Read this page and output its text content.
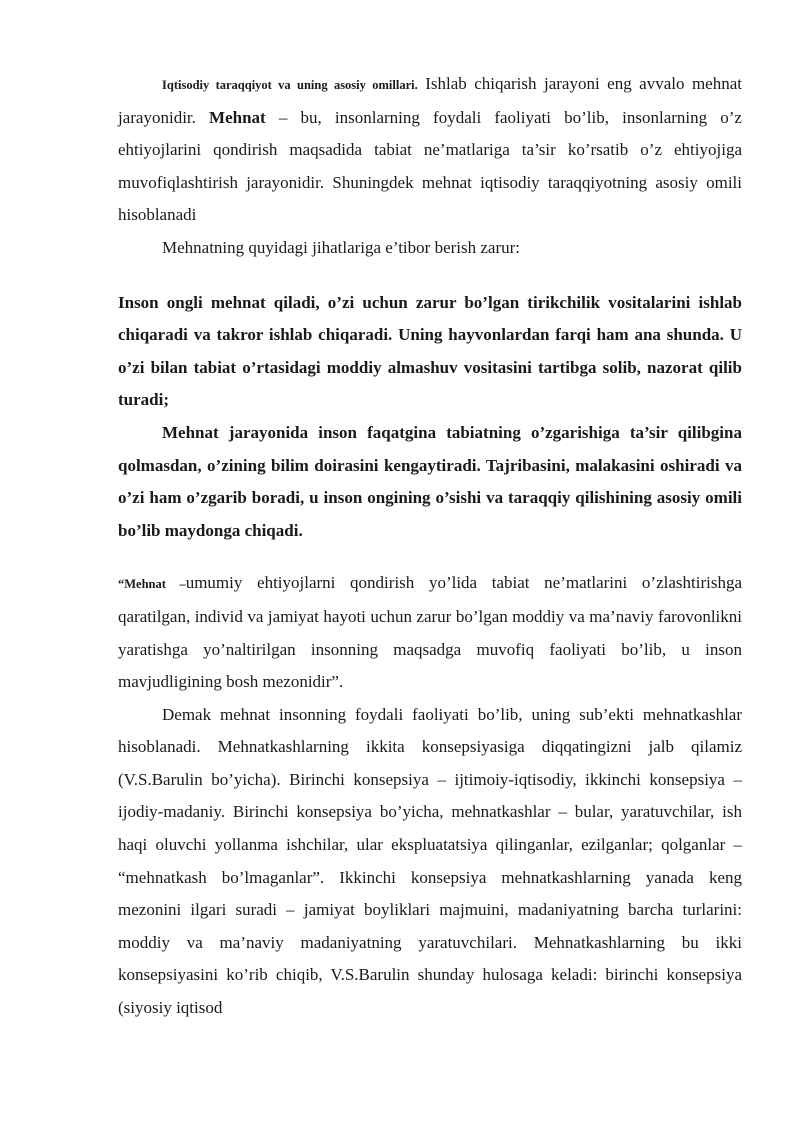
Iqtisodiy taraqqiyot va uning asosiy omillari. Ishlab chiqarish jarayoni eng avvalo mehnat jarayonidir. Mehnat – bu, insonlarning foydali faoliyati bo’lib, insonlarning o’z ehtiyojlarini qondirish maqsadida tabiat ne’matlariga ta’sir ko’rsatib o’z ehtiyojiga muvofiqlashtirish jarayonidir. Shuningdek mehnat iqtisodiy taraqqiyotning asosiy omili hisoblanadi

Mehnatning quyidagi jihatlariga e’tibor berish zarur:

Inson ongli mehnat qiladi, o’zi uchun zarur bo’lgan tirikchilik vositalarini ishlab chiqaradi va takror ishlab chiqaradi. Uning hayvonlardan farqi ham ana shunda. U o’zi bilan tabiat o’rtasidagi moddiy almashuv vositasini tartibga solib, nazorat qilib turadi;

Mehnat jarayonida inson faqatgina tabiatning o’zgarishiga ta’sir qilibgina qolmasdan, o’zining bilim doirasini kengaytiradi. Tajribasini, malakasini oshiradi va o’zi ham o’zgarib boradi, u inson ongining o’sishi va taraqqiy qilishining asosiy omili bo’lib maydonga chiqadi.

“Mehnat –umumiy ehtiyojlarni qondirish yo’lida tabiat ne’matlarini o’zlashtirishga qaratilgan, individ va jamiyat hayoti uchun zarur bo’lgan moddiy va ma’naviy farovonlikni yaratishga yo’naltirilgan insonning maqsadga muvofiq faoliyati bo’lib, u inson mavjudligining bosh mezonidir”.

Demak mehnat insonning foydali faoliyati bo’lib, uning sub’ekti mehnatkashlar hisoblanadi. Mehnatkashlarning ikkita konsepsiyasiga diqqatingizni jalb qilamiz (V.S.Barulin bo’yicha). Birinchi konsepsiya – ijtimoiy-iqtisodiy, ikkinchi konsepsiya – ijodiy-madaniy. Birinchi konsepsiya bo’yicha, mehnatkashlar – bular, yaratuvchilar, ish haqi oluvchi yollanma ishchilar, ular ekspluatatsiya qilinganlar, ezilganlar; qolganlar – “mehnatkash bo’lmaganlar”. Ikkinchi konsepsiya mehnatkashlarning yanada keng mezonini ilgari suradi – jamiyat boyliklari majmuini, madaniyatning barcha turlarini: moddiy va ma’naviy madaniyatning yaratuvchilari. Mehnatkashlarning bu ikki konsepsiyasini ko’rib chiqib, V.S.Barulin shunday hulosaga keladi: birinchi konsepsiya (siyosiy iqtisod
